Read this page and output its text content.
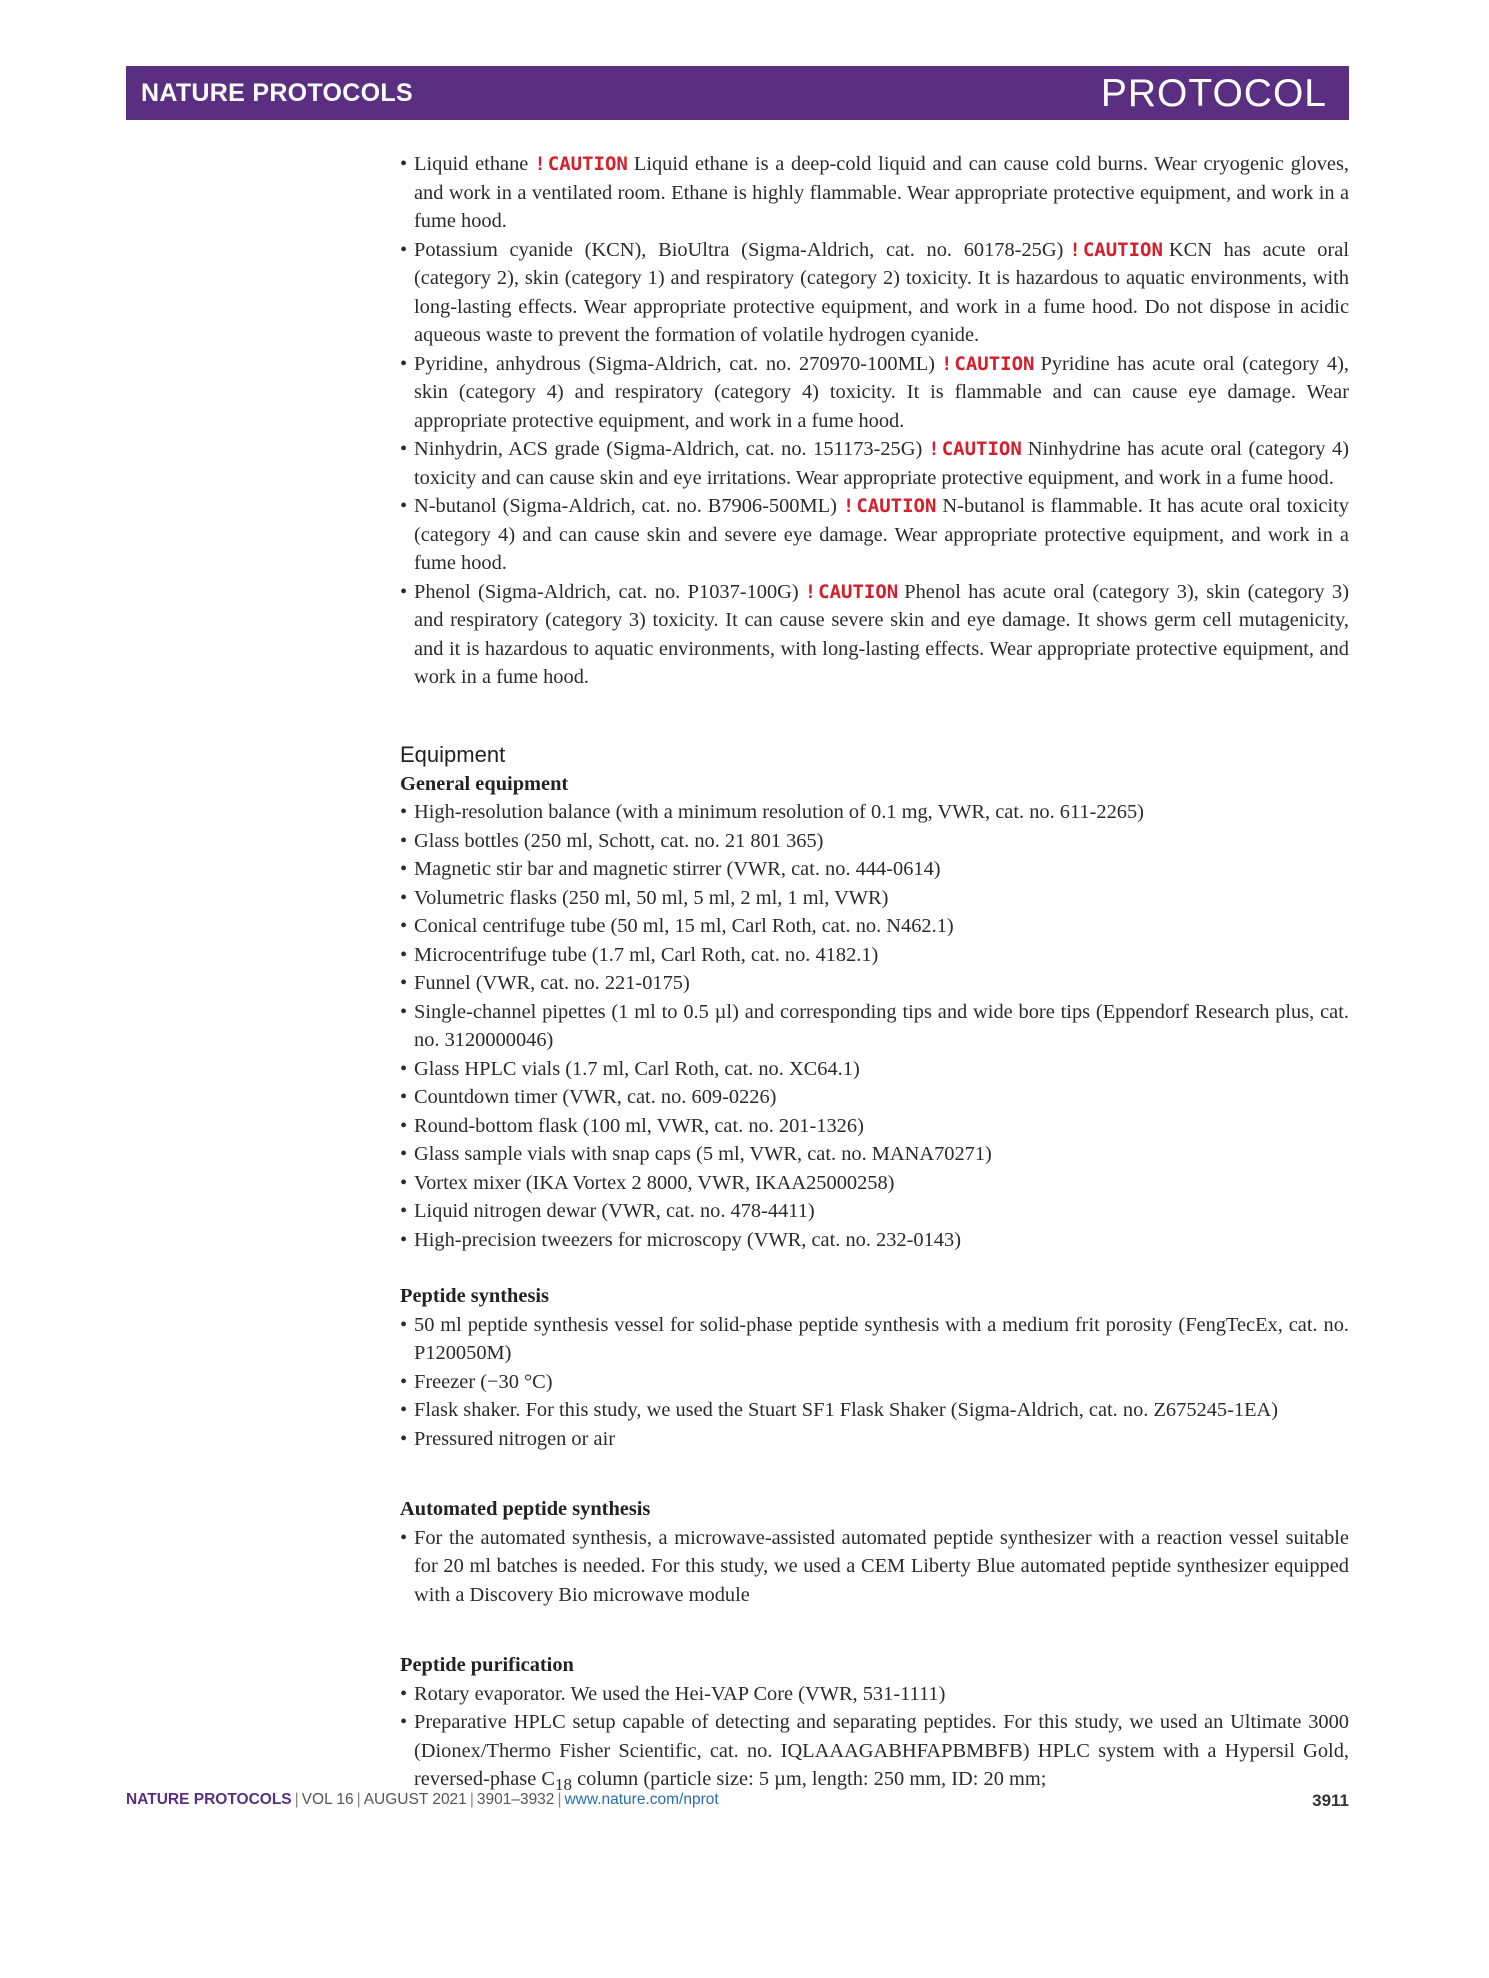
NATURE PROTOCOLS	PROTOCOL
• Liquid ethane ! CAUTION Liquid ethane is a deep-cold liquid and can cause cold burns. Wear cryogenic gloves, and work in a ventilated room. Ethane is highly flammable. Wear appropriate protective equipment, and work in a fume hood.
• Potassium cyanide (KCN), BioUltra (Sigma-Aldrich, cat. no. 60178-25G) ! CAUTION KCN has acute oral (category 2), skin (category 1) and respiratory (category 2) toxicity. It is hazardous to aquatic environments, with long-lasting effects. Wear appropriate protective equipment, and work in a fume hood. Do not dispose in acidic aqueous waste to prevent the formation of volatile hydrogen cyanide.
• Pyridine, anhydrous (Sigma-Aldrich, cat. no. 270970-100ML) ! CAUTION Pyridine has acute oral (category 4), skin (category 4) and respiratory (category 4) toxicity. It is flammable and can cause eye damage. Wear appropriate protective equipment, and work in a fume hood.
• Ninhydrin, ACS grade (Sigma-Aldrich, cat. no. 151173-25G) ! CAUTION Ninhydrine has acute oral (category 4) toxicity and can cause skin and eye irritations. Wear appropriate protective equipment, and work in a fume hood.
• N-butanol (Sigma-Aldrich, cat. no. B7906-500ML) ! CAUTION N-butanol is flammable. It has acute oral toxicity (category 4) and can cause skin and severe eye damage. Wear appropriate protective equipment, and work in a fume hood.
• Phenol (Sigma-Aldrich, cat. no. P1037-100G) ! CAUTION Phenol has acute oral (category 3), skin (category 3) and respiratory (category 3) toxicity. It can cause severe skin and eye damage. It shows germ cell mutagenicity, and it is hazardous to aquatic environments, with long-lasting effects. Wear appropriate protective equipment, and work in a fume hood.
Equipment
General equipment
• High-resolution balance (with a minimum resolution of 0.1 mg, VWR, cat. no. 611-2265)
• Glass bottles (250 ml, Schott, cat. no. 21 801 365)
• Magnetic stir bar and magnetic stirrer (VWR, cat. no. 444-0614)
• Volumetric flasks (250 ml, 50 ml, 5 ml, 2 ml, 1 ml, VWR)
• Conical centrifuge tube (50 ml, 15 ml, Carl Roth, cat. no. N462.1)
• Microcentrifuge tube (1.7 ml, Carl Roth, cat. no. 4182.1)
• Funnel (VWR, cat. no. 221-0175)
• Single-channel pipettes (1 ml to 0.5 µl) and corresponding tips and wide bore tips (Eppendorf Research plus, cat. no. 3120000046)
• Glass HPLC vials (1.7 ml, Carl Roth, cat. no. XC64.1)
• Countdown timer (VWR, cat. no. 609-0226)
• Round-bottom flask (100 ml, VWR, cat. no. 201-1326)
• Glass sample vials with snap caps (5 ml, VWR, cat. no. MANA70271)
• Vortex mixer (IKA Vortex 2 8000, VWR, IKAA25000258)
• Liquid nitrogen dewar (VWR, cat. no. 478-4411)
• High-precision tweezers for microscopy (VWR, cat. no. 232-0143)
Peptide synthesis
• 50 ml peptide synthesis vessel for solid-phase peptide synthesis with a medium frit porosity (FengTecEx, cat. no. P120050M)
• Freezer (−30 °C)
• Flask shaker. For this study, we used the Stuart SF1 Flask Shaker (Sigma-Aldrich, cat. no. Z675245-1EA)
• Pressured nitrogen or air
Automated peptide synthesis
• For the automated synthesis, a microwave-assisted automated peptide synthesizer with a reaction vessel suitable for 20 ml batches is needed. For this study, we used a CEM Liberty Blue automated peptide synthesizer equipped with a Discovery Bio microwave module
Peptide purification
• Rotary evaporator. We used the Hei-VAP Core (VWR, 531-1111)
• Preparative HPLC setup capable of detecting and separating peptides. For this study, we used an Ultimate 3000 (Dionex/Thermo Fisher Scientific, cat. no. IQLAAAGABHFAPBMBFB) HPLC system with a Hypersil Gold, reversed-phase $C_{18}$ column (particle size: 5 µm, length: 250 mm, ID: 20 mm;
NATURE PROTOCOLS | VOL 16 | AUGUST 2021 | 3901–3932 | www.nature.com/nprot	3911
